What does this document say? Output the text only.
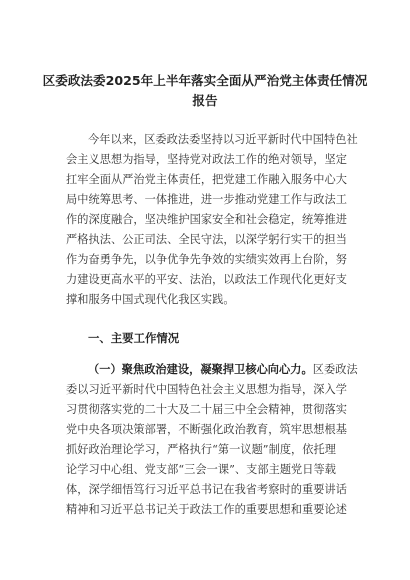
区委政法委2025年上半年落实全面从严治党主体责任情况
报告
今年以来，区委政法委坚持以习近平新时代中国特色社
会主义思想为指导，坚持党对政法工作的绝对领导，坚定
扛牢全面从严治党主体责任，把党建工作融入服务中心大
局中统筹思考、一体推进，进一步推动党建工作与政法工
作的深度融合，坚决维护国家安全和社会稳定，统筹推进
严格执法、公正司法、全民守法，以深学躬行实干的担当
作为奋勇争先，以争优争先争效的实绩实效再上台阶，努
力建设更高水平的平安、法治，以政法工作现代化更好支
撑和服务中国式现代化我区实践。
一、主要工作情况
（一）聚焦政治建设，凝聚捍卫核心向心力。区委政法
委以习近平新时代中国特色社会主义思想为指导，深入学
习贯彻落实党的二十大及二十届三中全会精神，贯彻落实
党中央各项决策部署，不断强化政治教育，筑牢思想根基
抓好政治理论学习，严格执行“第一议题”制度，依托理
论学习中心组、党支部“三会一课”、支部主题党日等载
体，深学细悟笃行习近平总书记在我省考察时的重要讲话
精神和习近平总书记关于政法工作的重要思想和重要论述
